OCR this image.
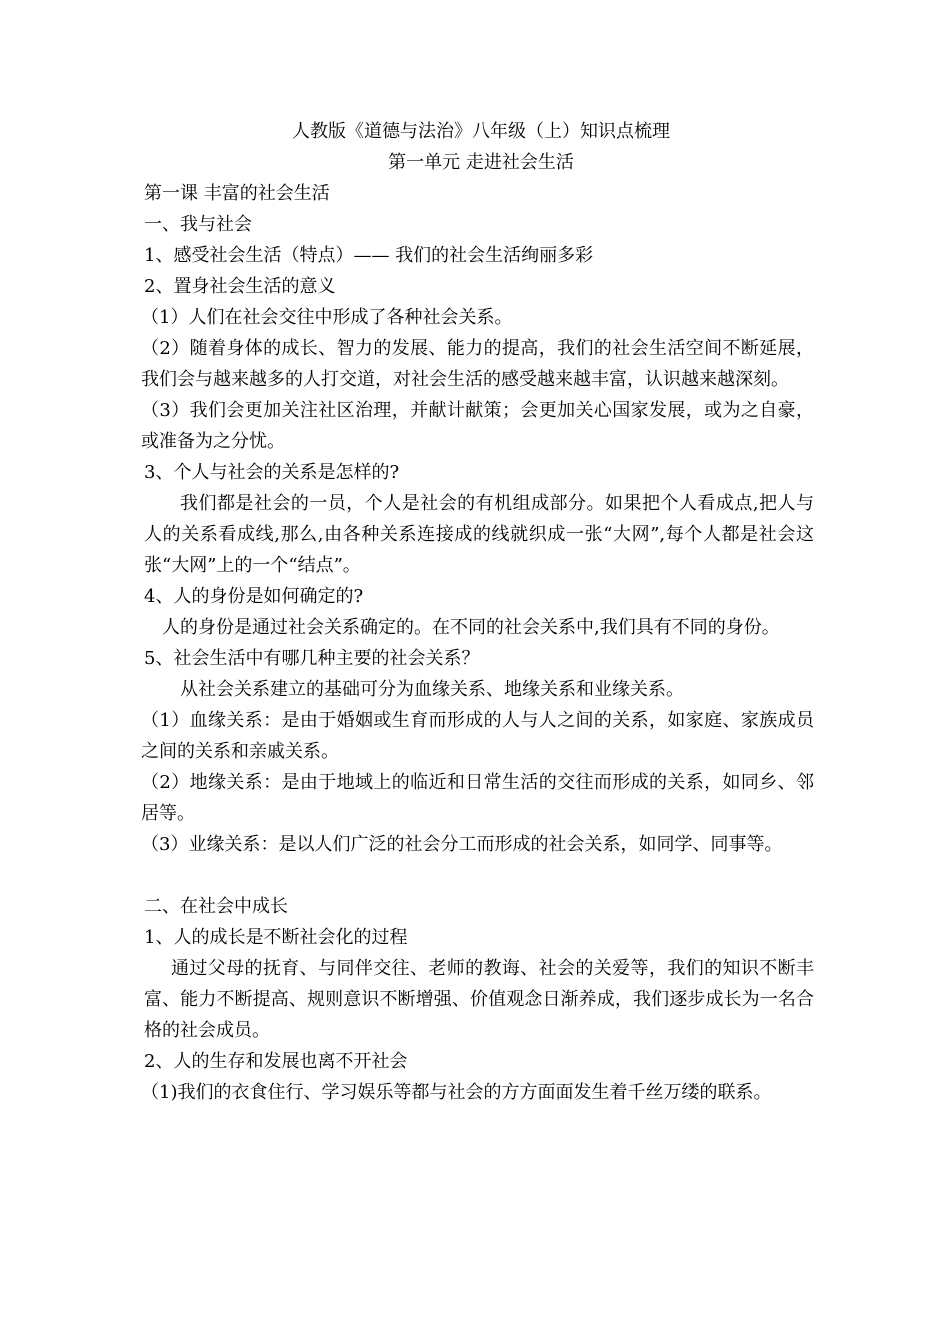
人教版《道德与法治》八年级（上）知识点梳理
第一单元 走进社会生活
第一课 丰富的社会生活
一、我与社会
1、感受社会生活（特点）—— 我们的社会生活绚丽多彩
2、置身社会生活的意义
（1）人们在社会交往中形成了各种社会关系。
（2）随着身体的成长、智力的发展、能力的提高，我们的社会生活空间不断延展，我们会与越来越多的人打交道，对社会生活的感受越来越丰富，认识越来越深刻。
（3）我们会更加关注社区治理，并献计献策；会更加关心国家发展，或为之自豪，或准备为之分忧。
3、个人与社会的关系是怎样的?
我们都是社会的一员，个人是社会的有机组成部分。如果把个人看成点,把人与人的关系看成线,那么,由各种关系连接成的线就织成一张“大网”,每个人都是社会这张“大网”上的一个“结点”。
4、人的身份是如何确定的?
人的身份是通过社会关系确定的。在不同的社会关系中,我们具有不同的身份。
5、社会生活中有哪几种主要的社会关系？
从社会关系建立的基础可分为血缘关系、地缘关系和业缘关系。
（1）血缘关系：是由于婚姻或生育而形成的人与人之间的关系，如家庭、家族成员之间的关系和亲戚关系。
（2）地缘关系：是由于地域上的临近和日常生活的交往而形成的关系，如同乡、邻居等。
（3）业缘关系：是以人们广泛的社会分工而形成的社会关系，如同学、同事等。
二、在社会中成长
1、人的成长是不断社会化的过程
通过父母的抚育、与同伴交往、老师的教诲、社会的关爱等，我们的知识不断丰富、能力不断提高、规则意识不断增强、价值观念日渐养成，我们逐步成长为一名合格的社会成员。
2、人的生存和发展也离不开社会
（1)我们的衣食住行、学习娱乐等都与社会的方方面面发生着千丝万缕的联系。
